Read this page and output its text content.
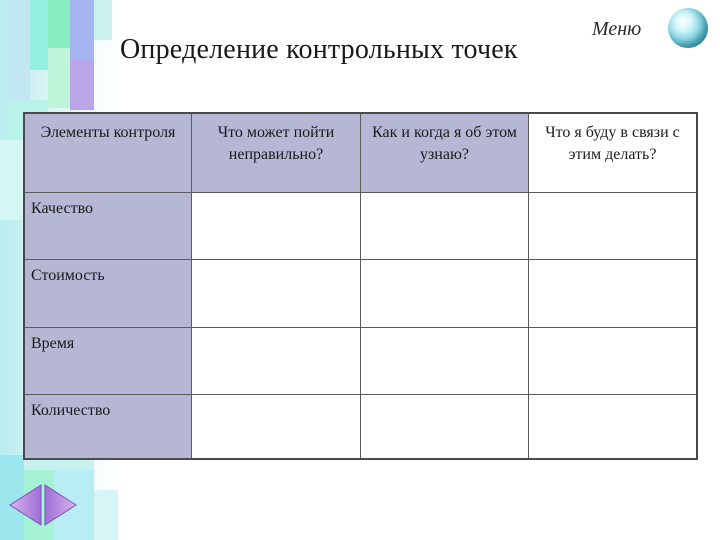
Меню
Определение контрольных точек
Элементы контроля	Что может пойти неправильно?
Как и когда я об этом узнаю?
Что я буду в связи с этим делать?
Качество
Стоимость
Время
Количество
